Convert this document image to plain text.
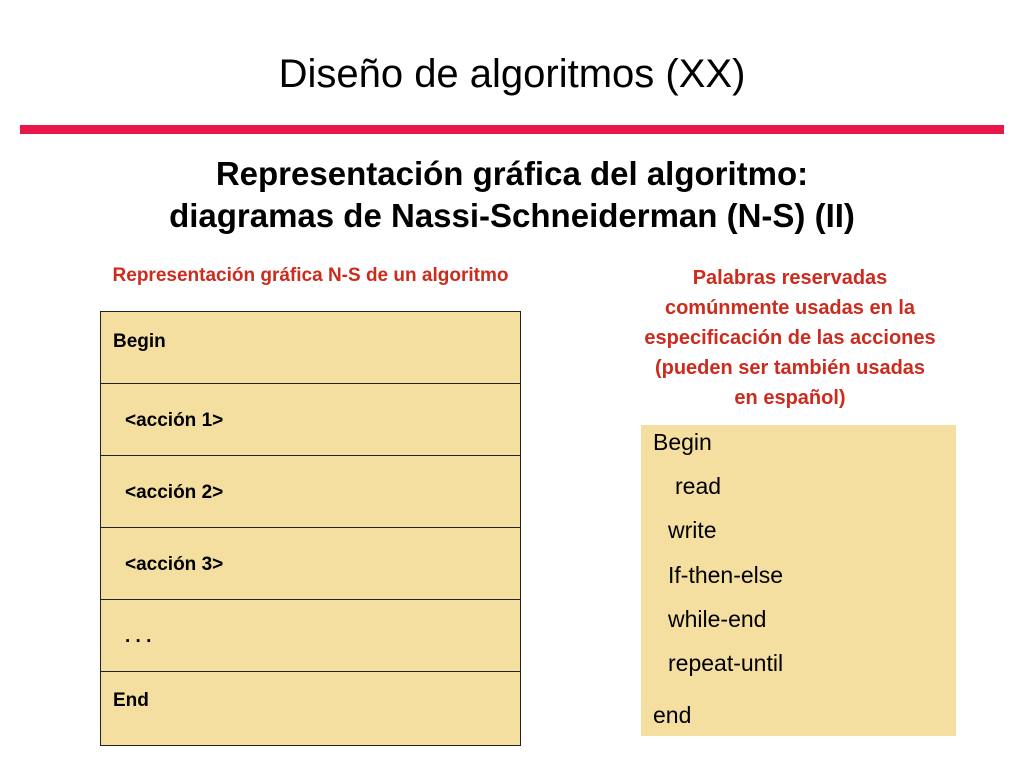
Diseño de algoritmos (XX)
Representación gráfica del algoritmo:
diagramas de Nassi-Schneiderman (N-S) (II)
Representación gráfica N-S de un algoritmo	Palabras reservadas
comúnmente usadas en la
especificación de las acciones
(pueden ser también usadas
en español)
Begin
<acción 1>
<acción 2>
<acción 3>
. . .
End
Begin
read
write
If-then-else
while-end
repeat-until
end
